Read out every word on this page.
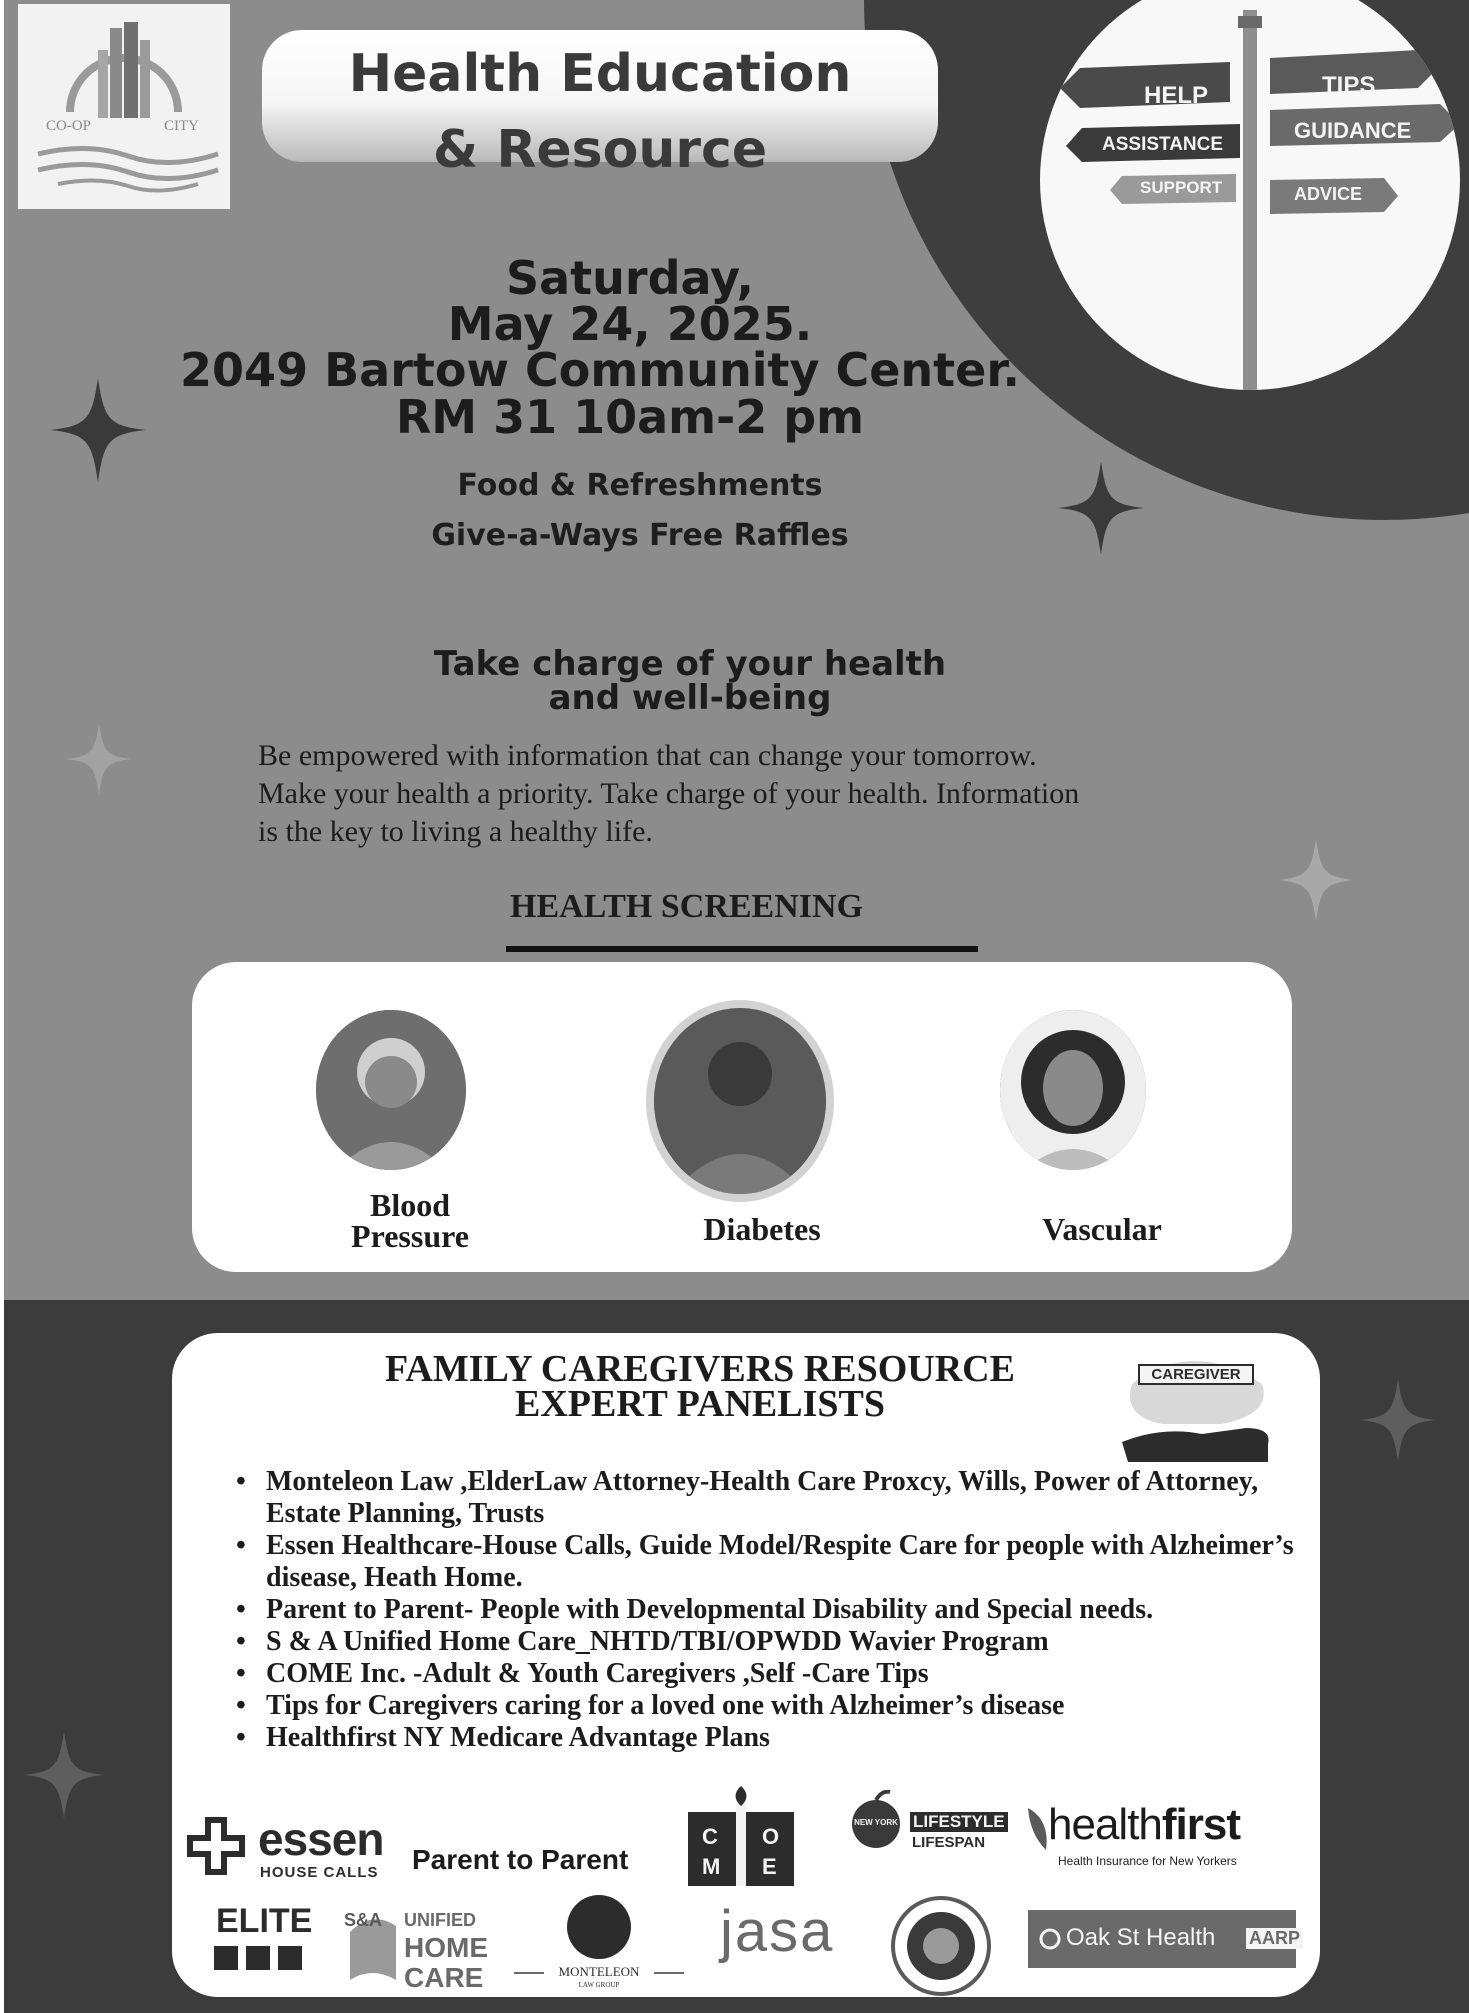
HELP	TIPS
ASSISTANCE
GUIDANCE
SUPPORT	ADVICE
CO-OP	CITY
Health Education
& Resource
Saturday,
May 24, 2025.
2049 Bartow Community Center.
RM 31 10am-2 pm
Food & Refreshments
Give-a-Ways Free Raffles
Take charge of your health
and well-being
Be empowered with information that can change your tomorrow.
Make your health a priority. Take charge of your health. Information
is the key to living a healthy life.
HEALTH SCREENING
Blood
Pressure	Diabetes	Vascular
FAMILY CAREGIVERS RESOURCE
EXPERT PANELISTS
CAREGIVER
• Monteleon Law ,ElderLaw Attorney-Health Care Proxcy, Wills, Power of Attorney, Estate Planning, Trusts
• Essen Healthcare-House Calls, Guide Model/Respite Care for people with Alzheimer’s disease, Heath Home.
• Parent to Parent- People with Developmental Disability and Special needs.
• S & A Unified Home Care_NHTD/TBI/OPWDD Wavier Program
• COME Inc. -Adult & Youth Caregivers ,Self -Care Tips
• Tips for Caregivers caring for a loved one with Alzheimer’s disease
• Healthfirst NY Medicare Advantage Plans
essen
HOUSE CALLS Parent to Parent
C O
M E
NEW YORK LIFESTYLE
LIFESPAN healthfirst
Health Insurance for New Yorkers
ELITE S&A UNIFIED
HOME
CARE	MONTELEON
LAW GROUP
jasa	Oak St Health AARP
